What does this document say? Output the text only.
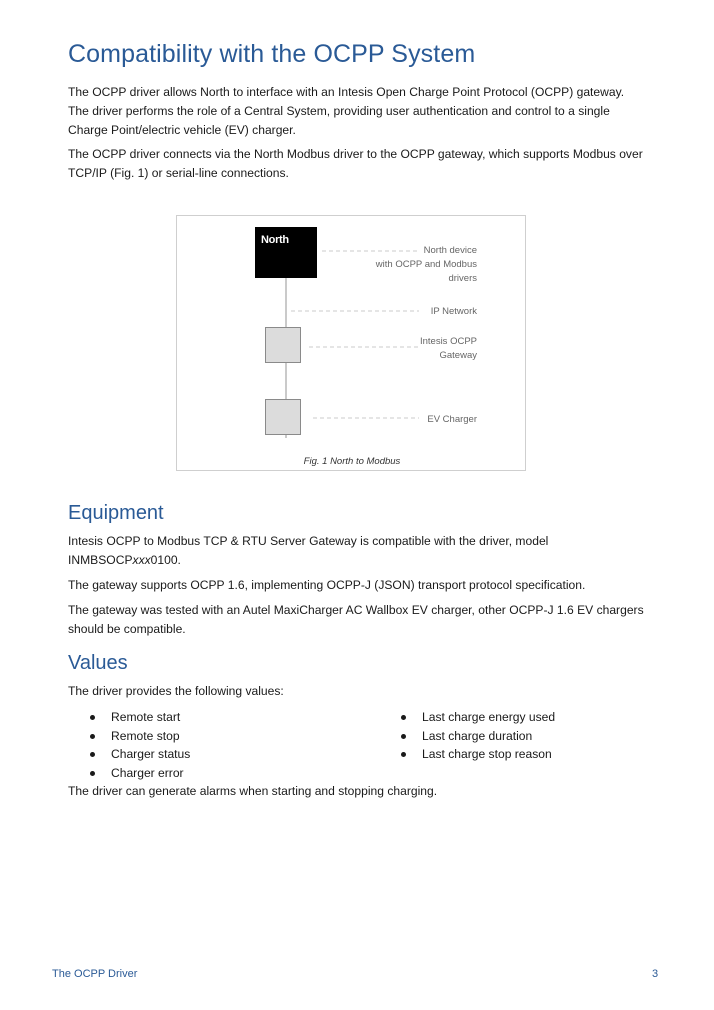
Compatibility with the OCPP System

The OCPP driver allows North to interface with an Intesis Open Charge Point Protocol (OCPP) gateway. The driver performs the role of a Central System, providing user authentication and control to a single Charge Point/electric vehicle (EV) charger.

The OCPP driver connects via the North Modbus driver to the OCPP gateway, which supports Modbus over TCP/IP (Fig. 1) or serial-line connections.

North
North device
with OCPP and Modbus
drivers
IP Network
Intesis OCPP
Gateway
EV Charger
Fig. 1 North to Modbus
Equipment

Intesis OCPP to Modbus TCP & RTU Server Gateway is compatible with the driver, model INMBSOCPxxx0100.

The gateway supports OCPP 1.6, implementing OCPP-J (JSON) transport protocol specification.

The gateway was tested with an Autel MaxiCharger AC Wallbox EV charger, other OCPP-J 1.6 EV chargers should be compatible.

Values

The driver provides the following values:

Remote start
Remote stop
Charger status
Charger error
Last charge energy used
Last charge duration
Last charge stop reason

The driver can generate alarms when starting and stopping charging.

The OCPP Driver	3
